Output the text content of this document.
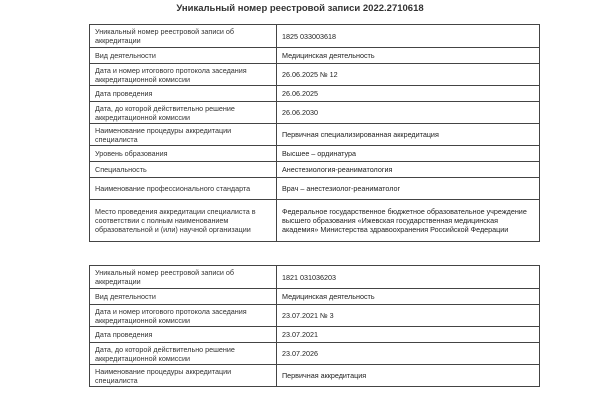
Уникальный номер реестровой записи 2022.2710618
Уникальный номер реестровой записи об аккредитации	1825 033003618
Вид деятельности	Медицинская деятельность
Дата и номер итогового протокола заседания аккредитационной комиссии	26.06.2025 № 12
Дата проведения	26.06.2025
Дата, до которой действительно решение аккредитационной комиссии	26.06.2030
Наименование процедуры аккредитации специалиста	Первичная специализированная аккредитация
Уровень образования	Высшее – ординатура
Специальность	Анестезиология-реаниматология
Наименование профессионального стандарта	Врач – анестезиолог-реаниматолог
Место проведения аккредитации специалиста в соответствии с полным наименованием образовательной и (или) научной организации	Федеральное государственное бюджетное образовательное учреждение высшего образования «Ижевская государственная медицинская академия» Министерства здравоохранения Российской Федерации
Уникальный номер реестровой записи об аккредитации	1821 031036203
Вид деятельности	Медицинская деятельность
Дата и номер итогового протокола заседания аккредитационной комиссии	23.07.2021 № 3
Дата проведения	23.07.2021
Дата, до которой действительно решение аккредитационной комиссии	23.07.2026
Наименование процедуры аккредитации специалиста	Первичная аккредитация
